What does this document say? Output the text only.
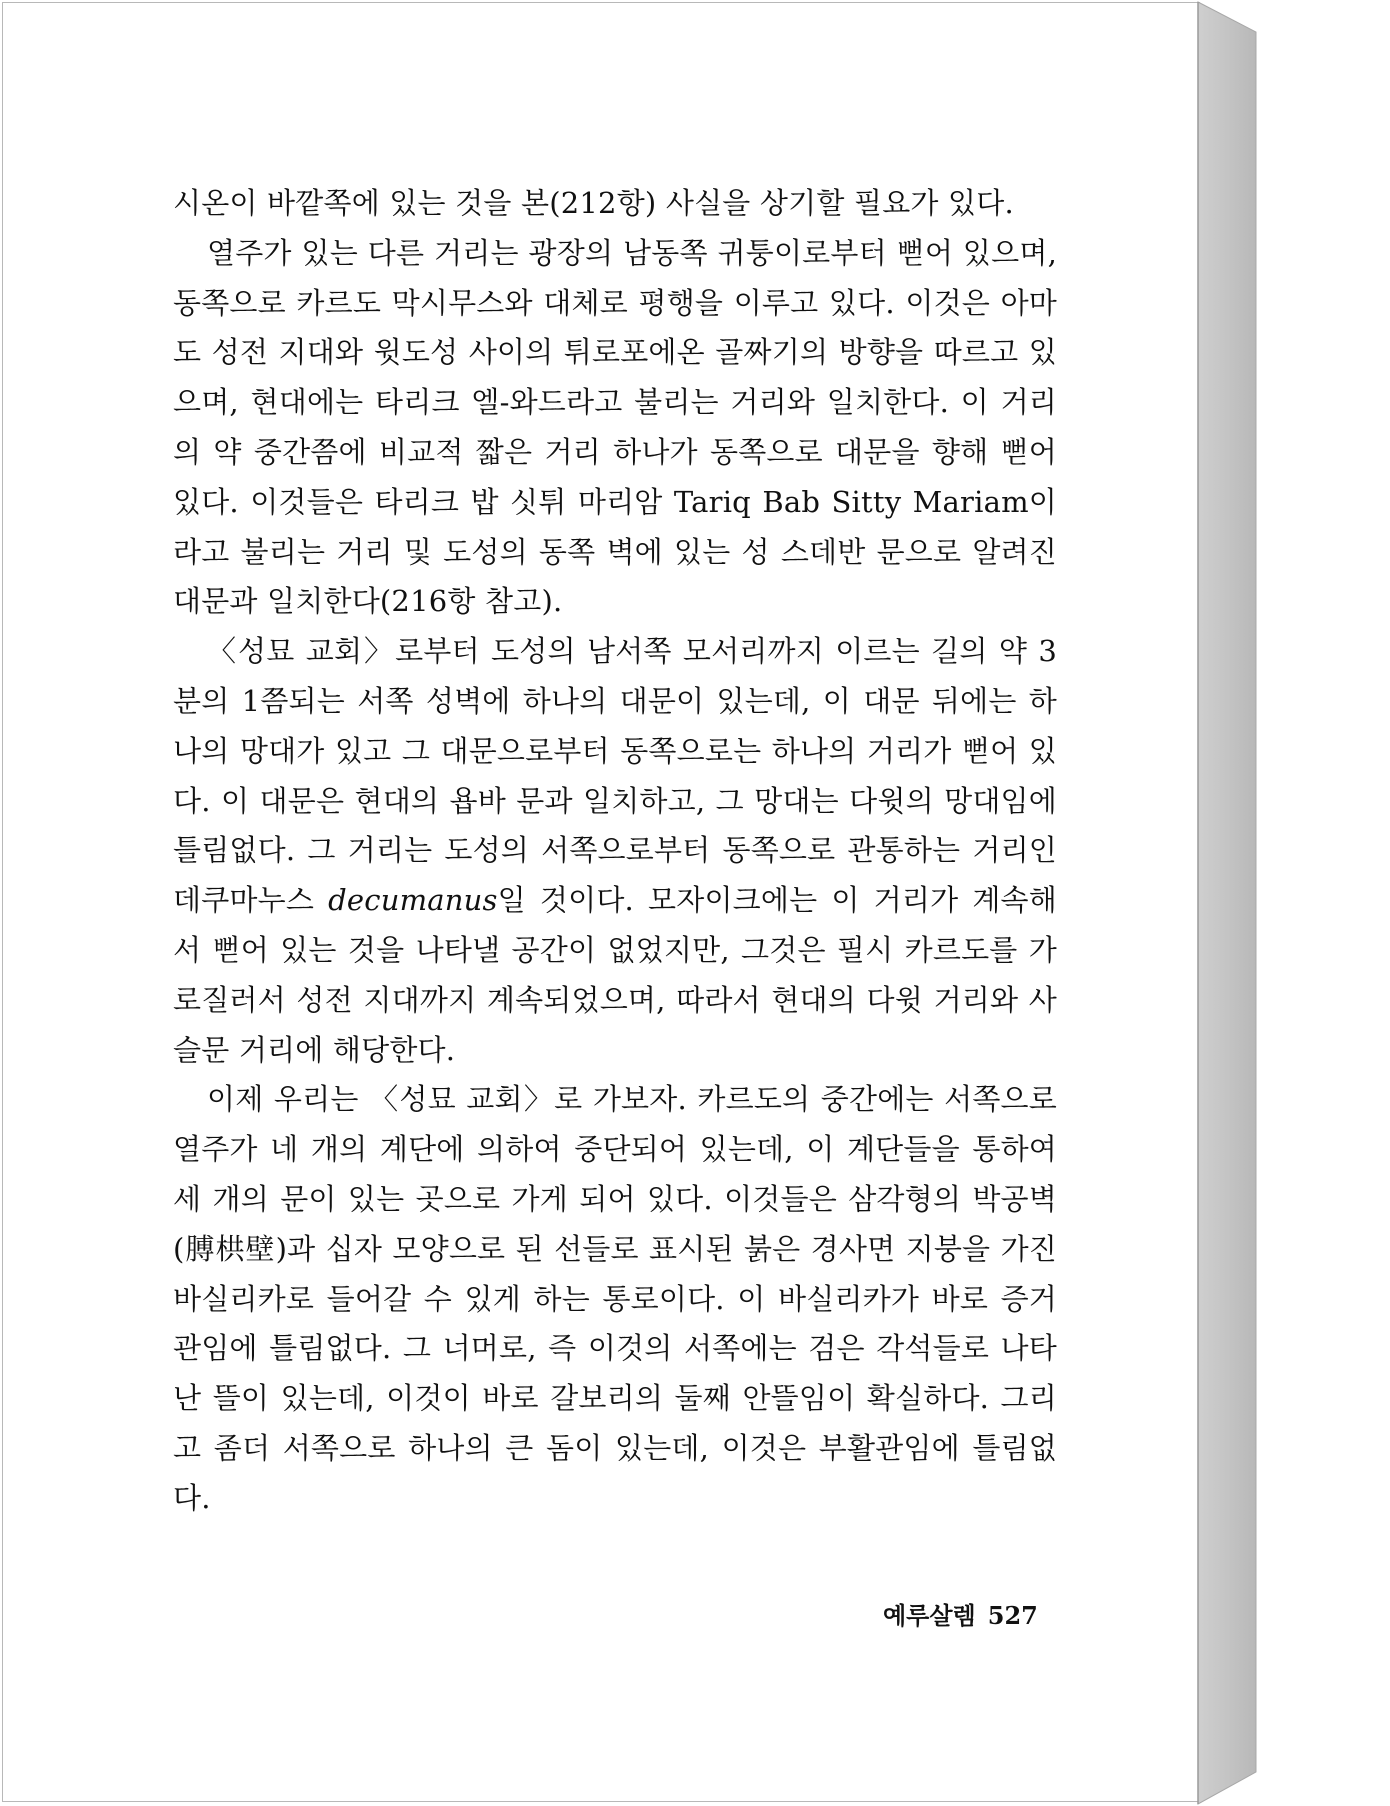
시온이 바깥쪽에 있는 것을 본(212항) 사실을 상기할 필요가 있다.

열주가 있는 다른 거리는 광장의 남동쪽 귀퉁이로부터 뻗어 있으며, 동쪽으로 카르도 막시무스와 대체로 평행을 이루고 있다. 이것은 아마도 성전 지대와 윗도성 사이의 튀로포에온 골짜기의 방향을 따르고 있으며, 현대에는 타리크 엘-와드라고 불리는 거리와 일치한다. 이 거리의 약 중간쯤에 비교적 짧은 거리 하나가 동쪽으로 대문을 향해 뻗어 있다. 이것들은 타리크 밥 싯튀 마리암 Tariq Bab Sitty Mariam이라고 불리는 거리 및 도성의 동쪽 벽에 있는 성 스데반 문으로 알려진 대문과 일치한다(216항 참고).

〈성묘 교회〉로부터 도성의 남서쪽 모서리까지 이르는 길의 약 3분의 1쯤되는 서쪽 성벽에 하나의 대문이 있는데, 이 대문 뒤에는 하나의 망대가 있고 그 대문으로부터 동쪽으로는 하나의 거리가 뻗어 있다. 이 대문은 현대의 욥바 문과 일치하고, 그 망대는 다윗의 망대임에 틀림없다. 그 거리는 도성의 서쪽으로부터 동쪽으로 관통하는 거리인 데쿠마누스 decumanus일 것이다. 모자이크에는 이 거리가 계속해서 뻗어 있는 것을 나타낼 공간이 없었지만, 그것은 필시 카르도를 가로질러서 성전 지대까지 계속되었으며, 따라서 현대의 다윗 거리와 사슬문 거리에 해당한다.

이제 우리는 〈성묘 교회〉로 가보자. 카르도의 중간에는 서쪽으로 열주가 네 개의 계단에 의하여 중단되어 있는데, 이 계단들을 통하여 세 개의 문이 있는 곳으로 가게 되어 있다. 이것들은 삼각형의 박공벽(膊栱壁)과 십자 모양으로 된 선들로 표시된 붉은 경사면 지붕을 가진 바실리카로 들어갈 수 있게 하는 통로이다. 이 바실리카가 바로 증거관임에 틀림없다. 그 너머로, 즉 이것의 서쪽에는 검은 각석들로 나타난 뜰이 있는데, 이것이 바로 갈보리의 둘째 안뜰임이 확실하다. 그리고 좀더 서쪽으로 하나의 큰 돔이 있는데, 이것은 부활관임에 틀림없다.

예루살렘 527
